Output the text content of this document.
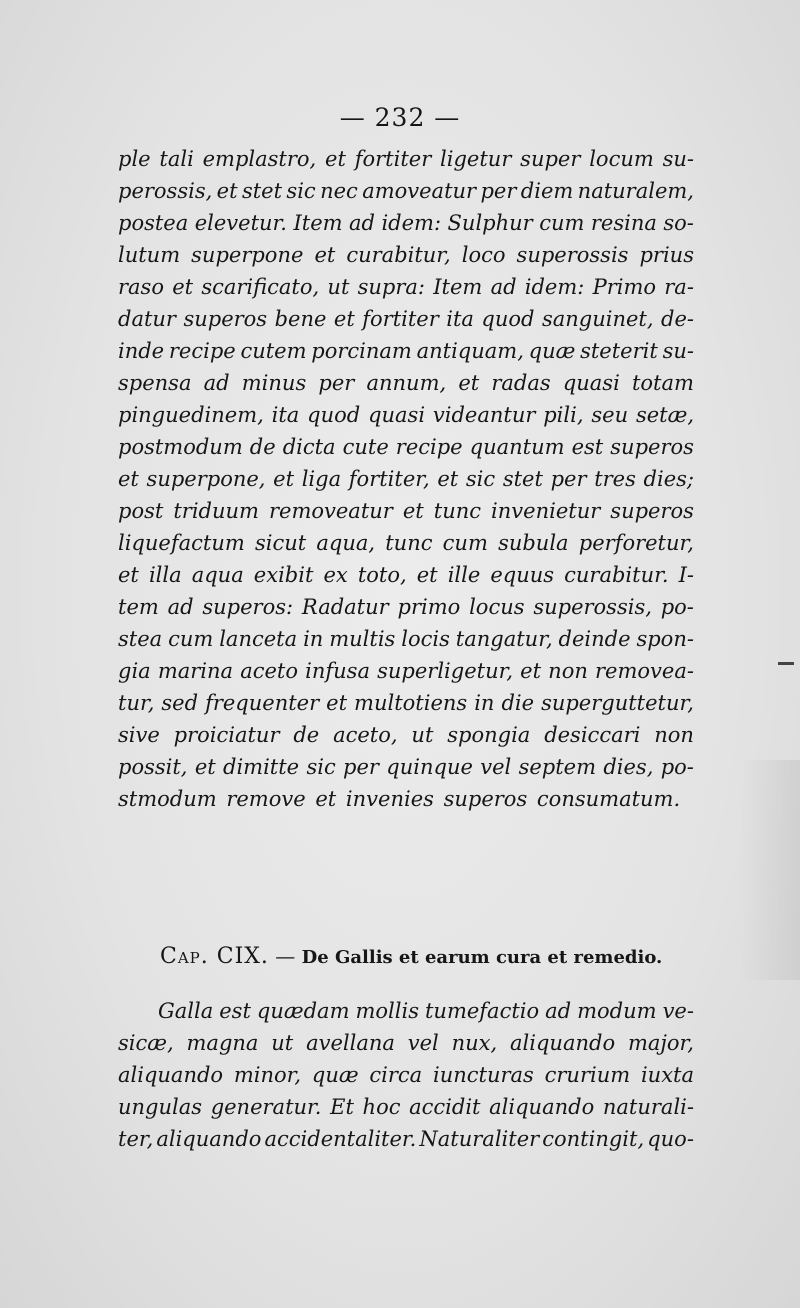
— 232 —
ple tali emplastro, et fortiter ligetur super locum su-
perossis, et stet sic nec amoveatur per diem naturalem,
postea elevetur. Item ad idem: Sulphur cum resina so-
lutum superpone et curabitur, loco superossis prius
raso et scarificato, ut supra: Item ad idem: Primo ra-
datur superos bene et fortiter ita quod sanguinet, de-
inde recipe cutem porcinam antiquam, quæ steterit su-
spensa ad minus per annum, et radas quasi totam
pinguedinem, ita quod quasi videantur pili, seu setæ,
postmodum de dicta cute recipe quantum est superos
et superpone, et liga fortiter, et sic stet per tres dies;
post triduum removeatur et tunc invenietur superos
liquefactum sicut aqua, tunc cum subula perforetur,
et illa aqua exibit ex toto, et ille equus curabitur. I-
tem ad superos: Radatur primo locus superossis, po-
stea cum lanceta in multis locis tangatur, deinde spon-
gia marina aceto infusa superligetur, et non removea-
tur, sed frequenter et multotiens in die superguttetur,
sive proiciatur de aceto, ut spongia desiccari non
possit, et dimitte sic per quinque vel septem dies, po-
stmodum
remove
et
invenies
superos
consumatum.
Cap. CIX. — De Gallis et earum cura et remedio.
Galla est quædam mollis tumefactio ad modum ve-
sicæ, magna ut avellana vel nux, aliquando major,
aliquando minor, quæ circa iuncturas crurium iuxta
ungulas generatur. Et hoc accidit aliquando naturali-
ter, aliquando accidentaliter. Naturaliter contingit, quo-
